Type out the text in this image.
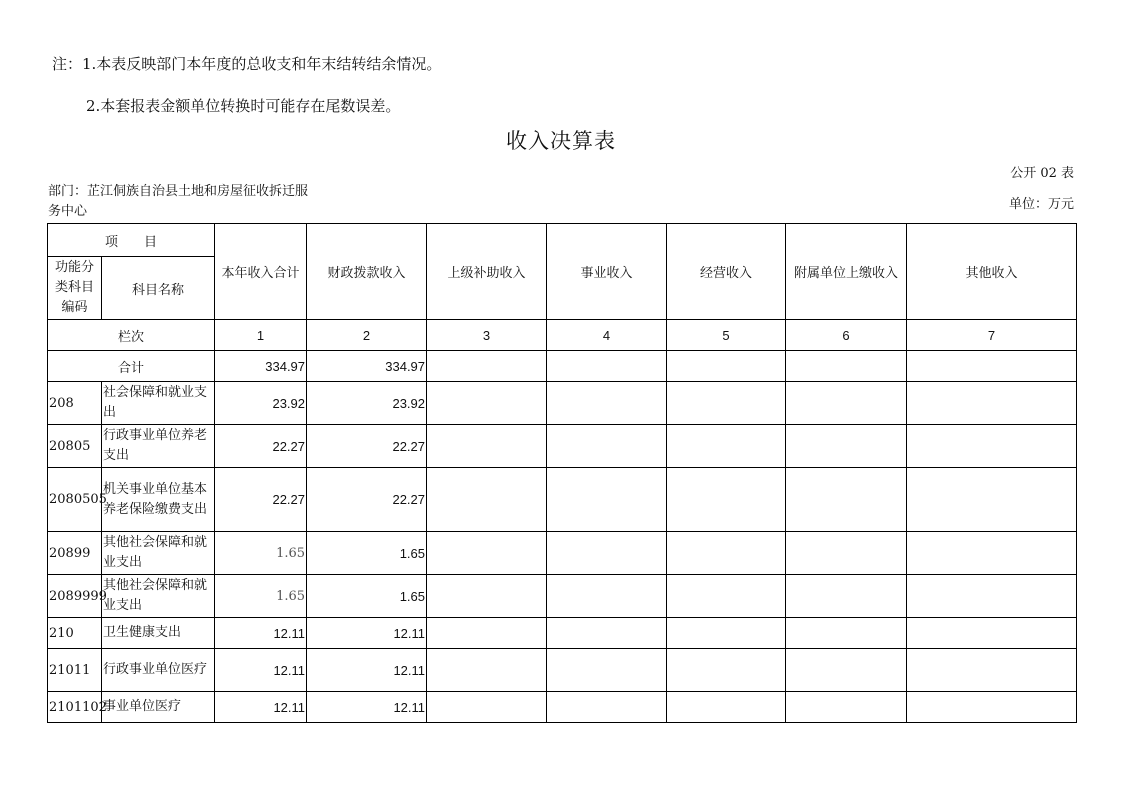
注：1.本表反映部门本年度的总收支和年末结转结余情况。
2.本套报表金额单位转换时可能存在尾数误差。
收入决算表
公开 02 表
部门：芷江侗族自治县土地和房屋征收拆迁服务中心	单位：万元
项　　目		本年收入合计	财政拨款收入	上级补助收入	事业收入	经营收入	附属单位上缴收入	其他收入
功能分类科目编码	科目名称							
栏次		1	2	3	4	5	6	7
合计		334.97	334.97					
208	社会保障和就业支出	23.92	23.92					
20805	行政事业单位养老支出	22.27	22.27					
2080505	机关事业单位基本养老保险缴费支出	22.27	22.27					
20899	其他社会保障和就业支出	1.65	1.65					
2089999	其他社会保障和就业支出	1.65	1.65					
210	卫生健康支出	12.11	12.11					
21011	行政事业单位医疗	12.11	12.11					
2101102	事业单位医疗	12.11	12.11					
